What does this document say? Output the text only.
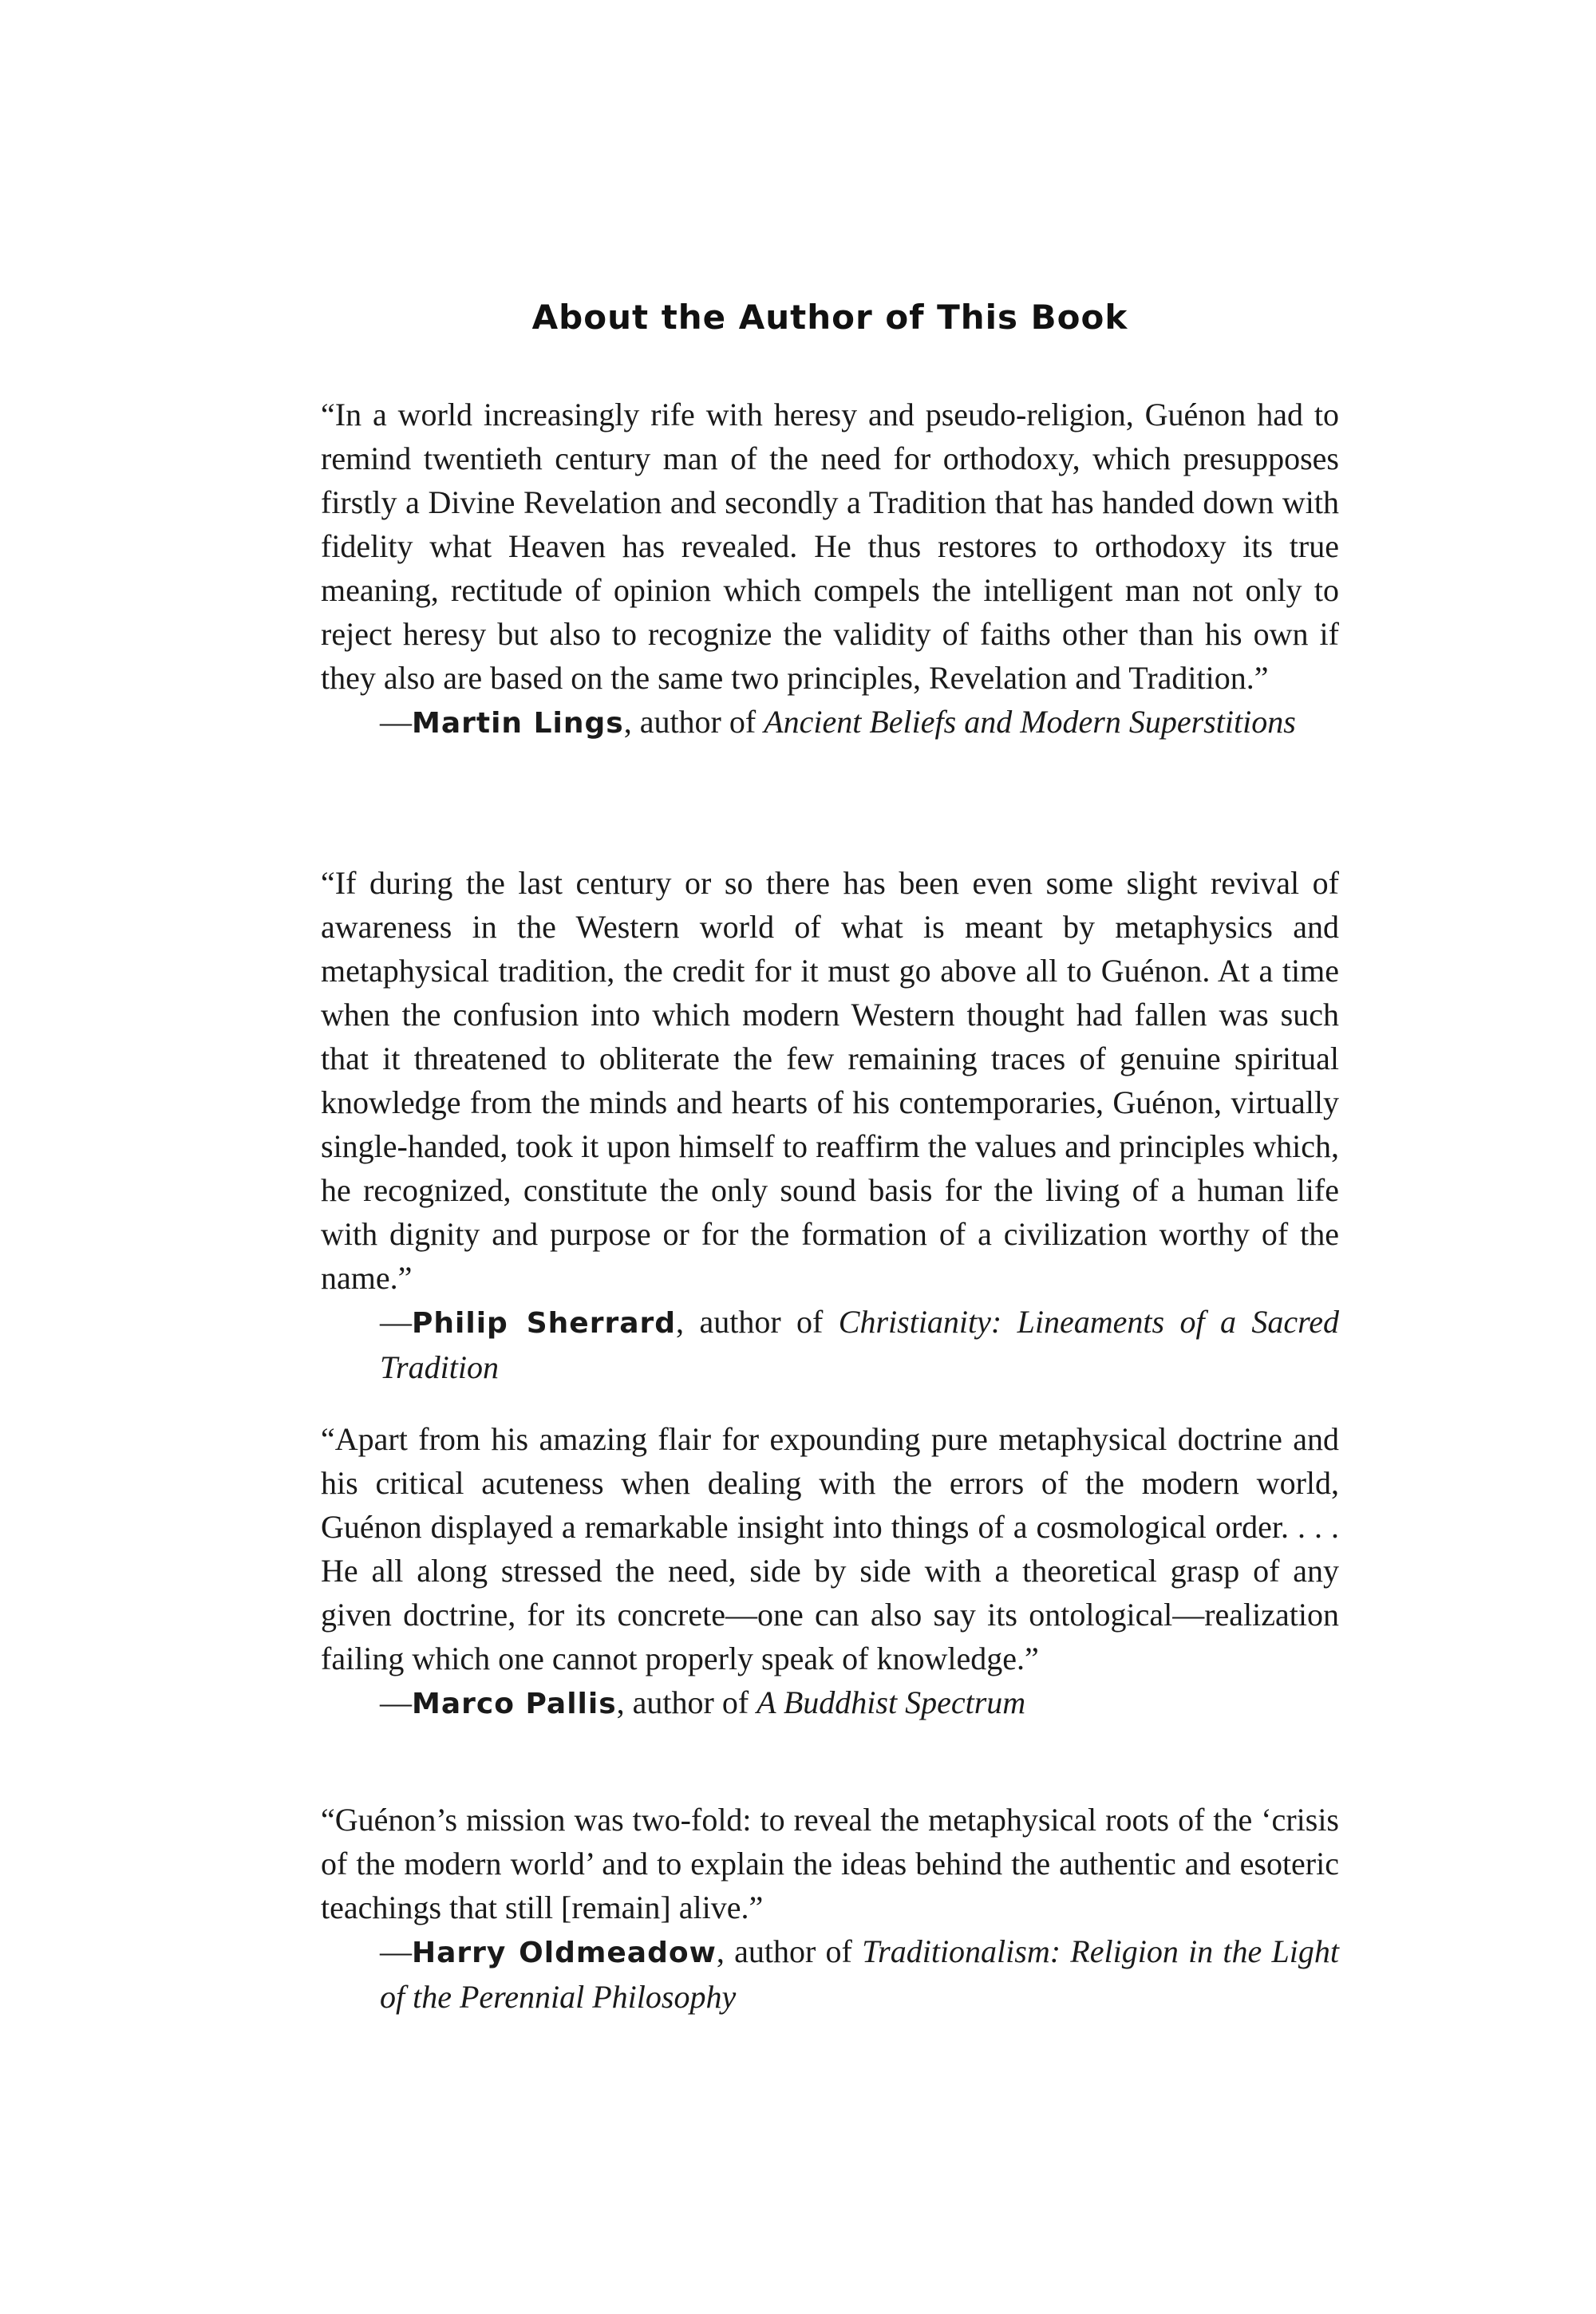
About the Author of This Book

“In a world increasingly rife with heresy and pseudo-religion, Guénon had to remind twentieth century man of the need for orthodoxy, which presupposes firstly a Divine Revelation and secondly a Tradition that has handed down with fidelity what Heaven has revealed. He thus restores to orthodoxy its true meaning, rectitude of opinion which compels the intelligent man not only to reject heresy but also to recognize the validity of faiths other than his own if they also are based on the same two principles, Revelation and Tradition.”

—Martin Lings, author of Ancient Beliefs and Modern Superstitions

“If during the last century or so there has been even some slight revival of awareness in the Western world of what is meant by metaphysics and metaphysical tradition, the credit for it must go above all to Guénon. At a time when the confusion into which modern Western thought had fallen was such that it threatened to obliterate the few remaining traces of genuine spiritual knowledge from the minds and hearts of his contemporaries, Guénon, virtually single-handed, took it upon himself to reaffirm the values and principles which, he recognized, constitute the only sound basis for the living of a human life with dignity and purpose or for the formation of a civilization worthy of the name.”

—Philip Sherrard, author of Christianity: Lineaments of a Sacred Tradition

“Apart from his amazing flair for expounding pure metaphysical doctrine and his critical acuteness when dealing with the errors of the modern world, Guénon displayed a remarkable insight into things of a cosmological order. . . . He all along stressed the need, side by side with a theoretical grasp of any given doctrine, for its concrete—one can also say its ontological—realization failing which one cannot properly speak of knowledge.”

—Marco Pallis, author of A Buddhist Spectrum

“Guénon’s mission was two-fold: to reveal the metaphysical roots of the ‘crisis of the modern world’ and to explain the ideas behind the authentic and esoteric teachings that still [remain] alive.”

—Harry Oldmeadow, author of Traditionalism: Religion in the Light of the Perennial Philosophy
